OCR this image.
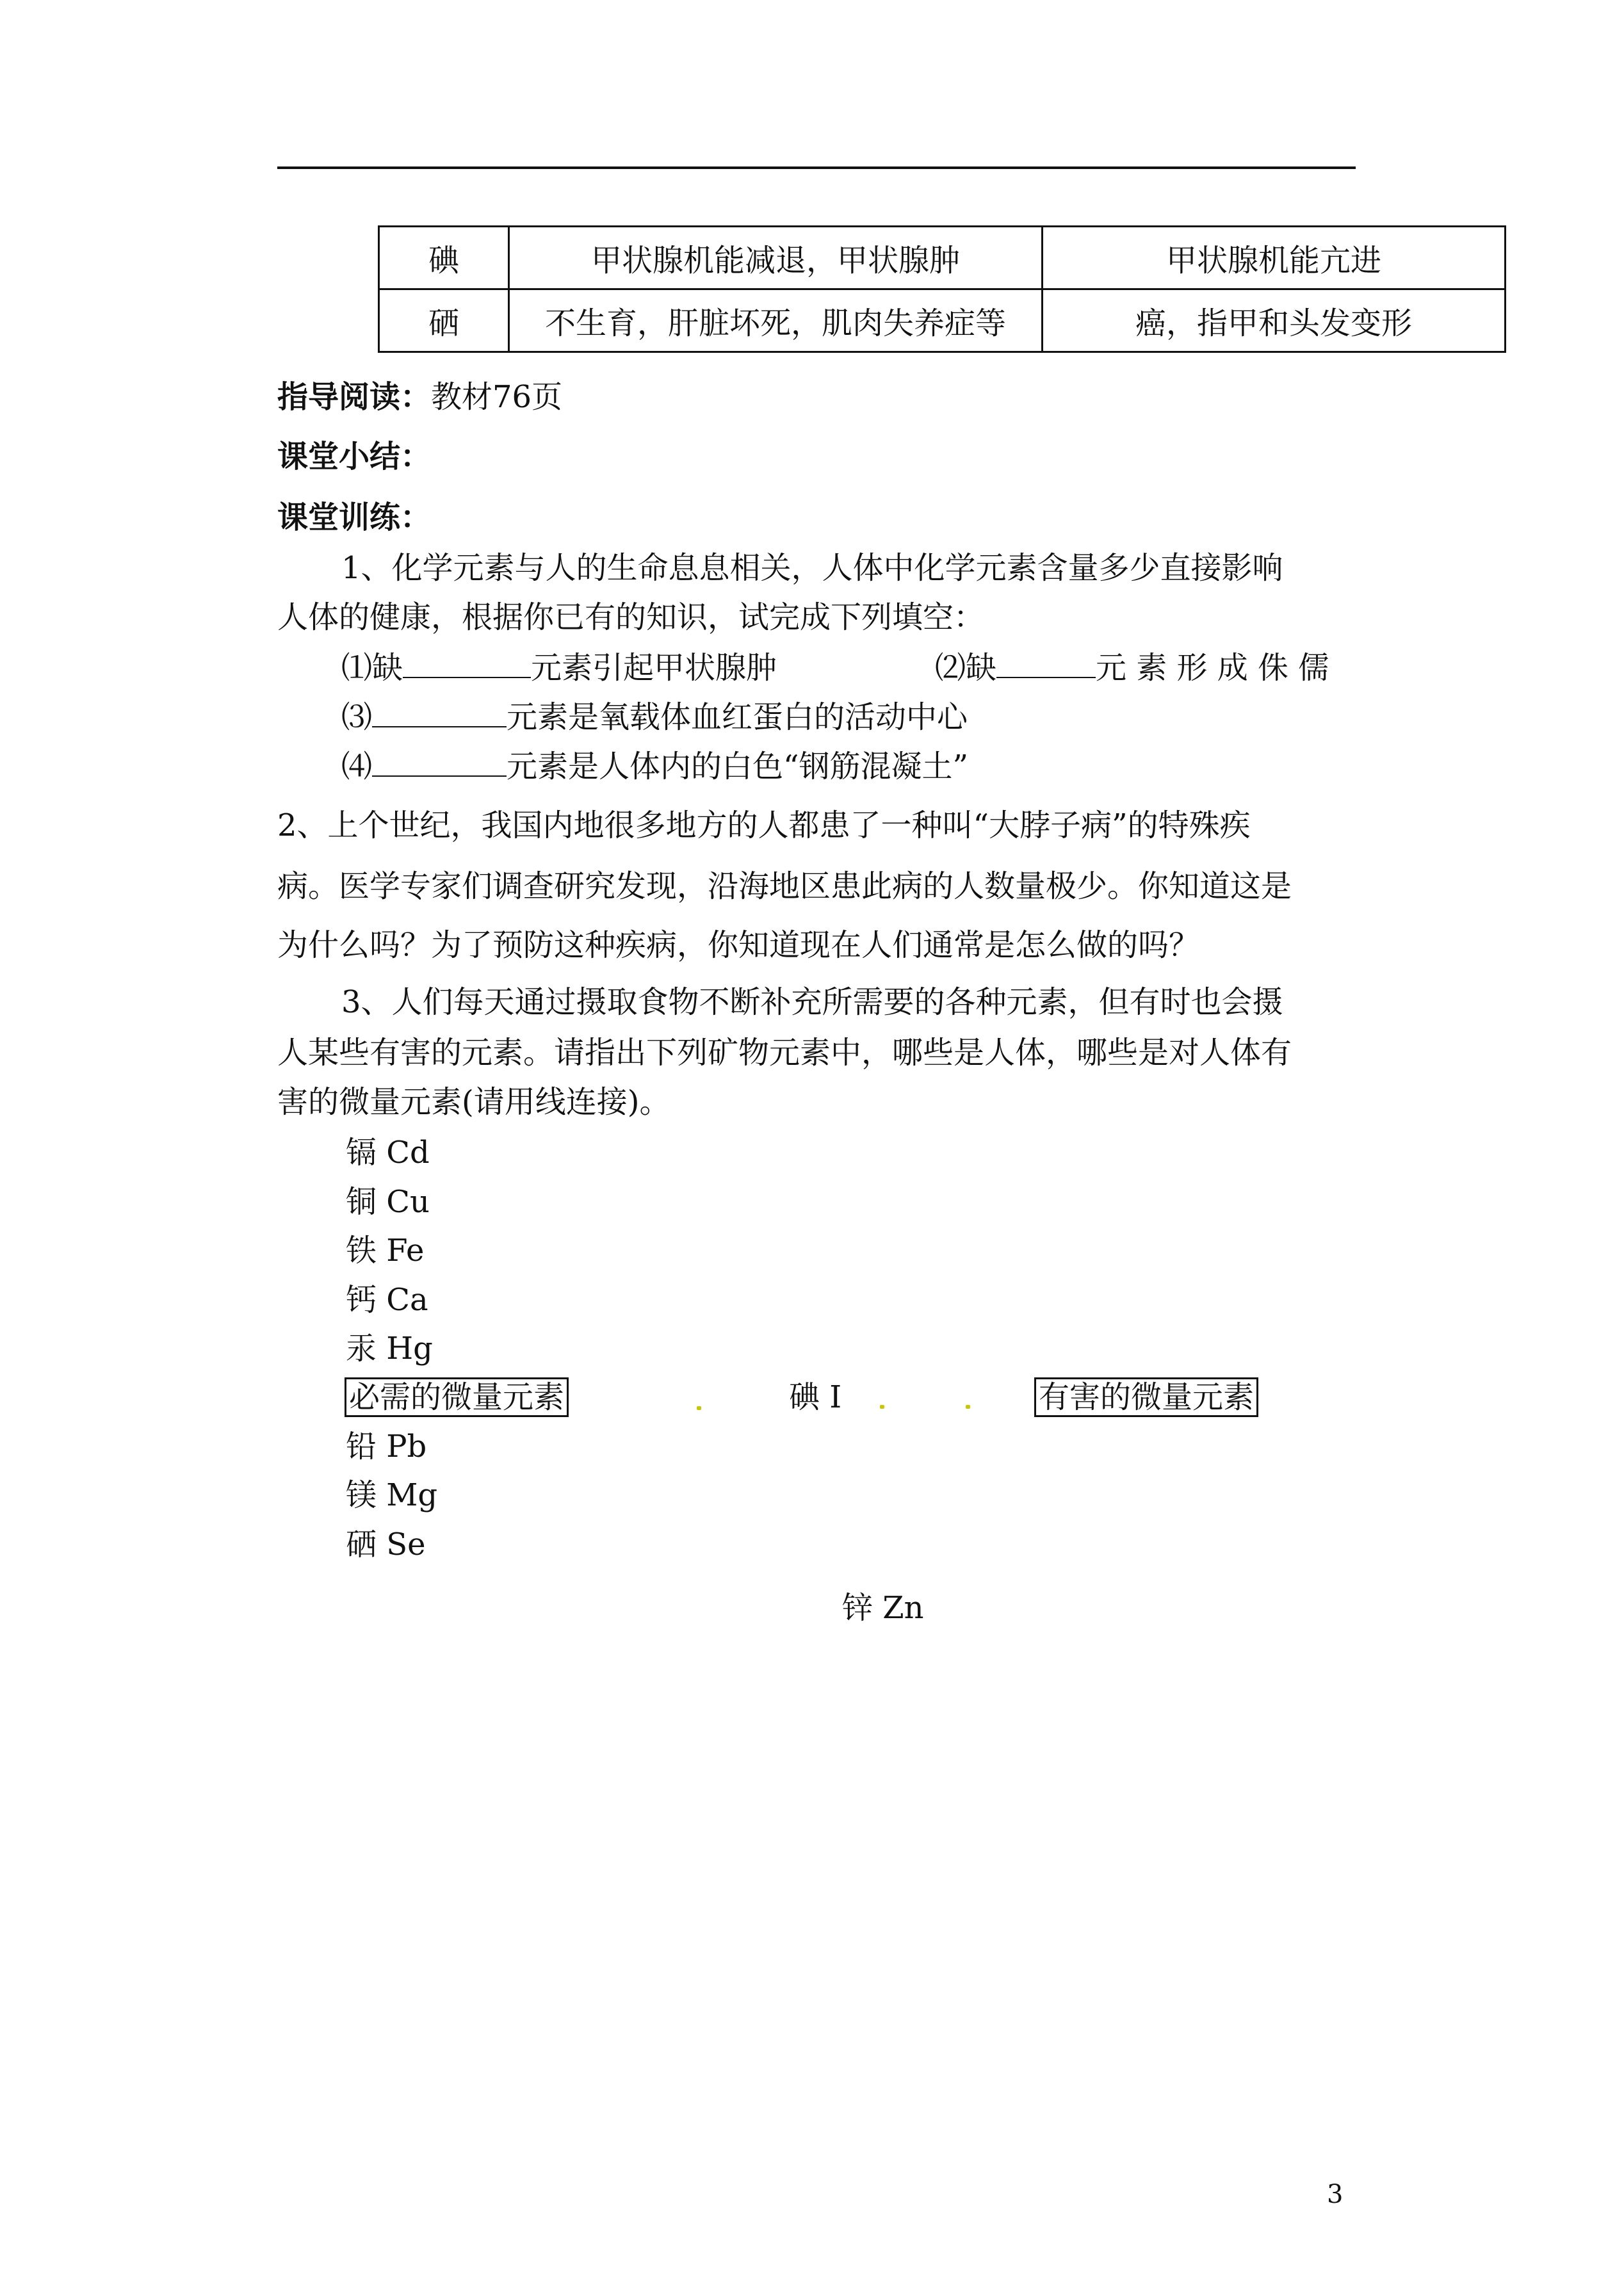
碘	甲状腺机能减退，甲状腺肿	甲状腺机能亢进
硒	不生育，肝脏坏死，肌肉失养症等	癌，指甲和头发变形
指导阅读：教材76页
课堂小结：
课堂训练：
1、化学元素与人的生命息息相关，人体中化学元素含量多少直接影响
人体的健康，根据你已有的知识，试完成下列填空：
⑴缺	元素引起甲状腺肿	⑵缺	元 素 形 成 侏 儒
⑶	元素是氧载体血红蛋白的活动中心
⑷	元素是人体内的白色“钢筋混凝土”
2、上个世纪，我国内地很多地方的人都患了一种叫“大脖子病”的特殊疾
病。医学专家们调查研究发现，沿海地区患此病的人数量极少。你知道这是
为什么吗？为了预防这种疾病，你知道现在人们通常是怎么做的吗？
3、人们每天通过摄取食物不断补充所需要的各种元素，但有时也会摄
人某些有害的元素。请指出下列矿物元素中，哪些是人体，哪些是对人体有
害的微量元素(请用线连接)。
镉 Cd
铜 Cu
铁 Fe
钙 Ca
汞 Hg
必需的微量元素	碘 I	有害的微量元素
铅 Pb
镁 Mg
硒 Se
锌 Zn
3
